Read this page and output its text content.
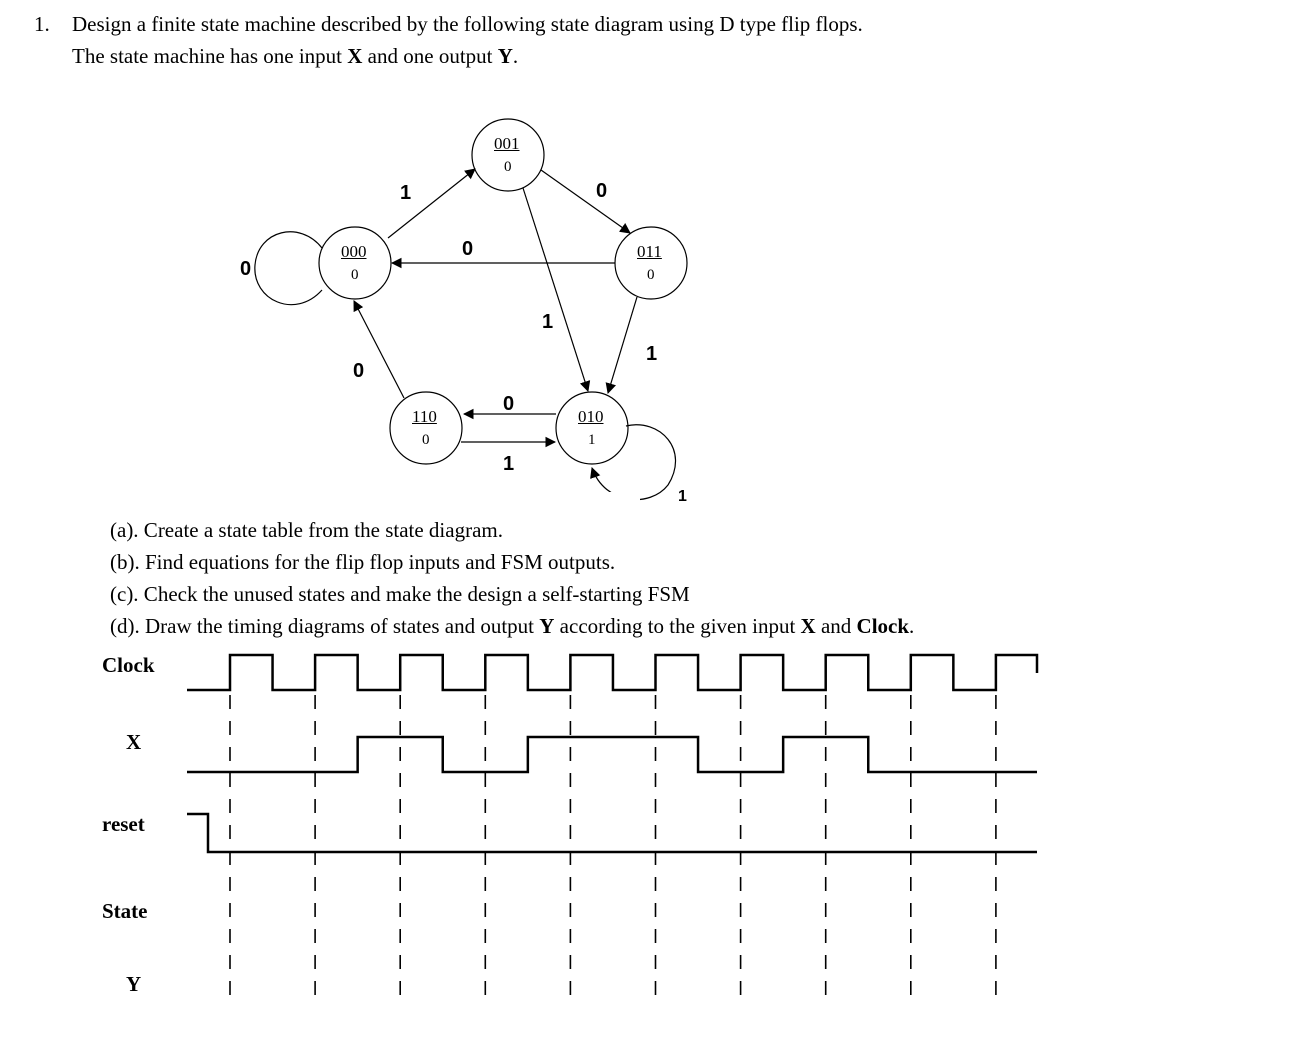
1. Design a finite state machine described by the following state diagram using D type flip flops.
The state machine has one input X and one output Y.
001
0
000
0
011
0
110
0
010
1
0
1
0
0
1
1
0
0
1
1
(a). Create a state table from the state diagram.
(b). Find equations for the flip flop inputs and FSM outputs.
(c). Check the unused states and make the design a self-starting FSM
(d). Draw the timing diagrams of states and output Y according to the given input X and Clock.
Clock
X
reset
State
Y
